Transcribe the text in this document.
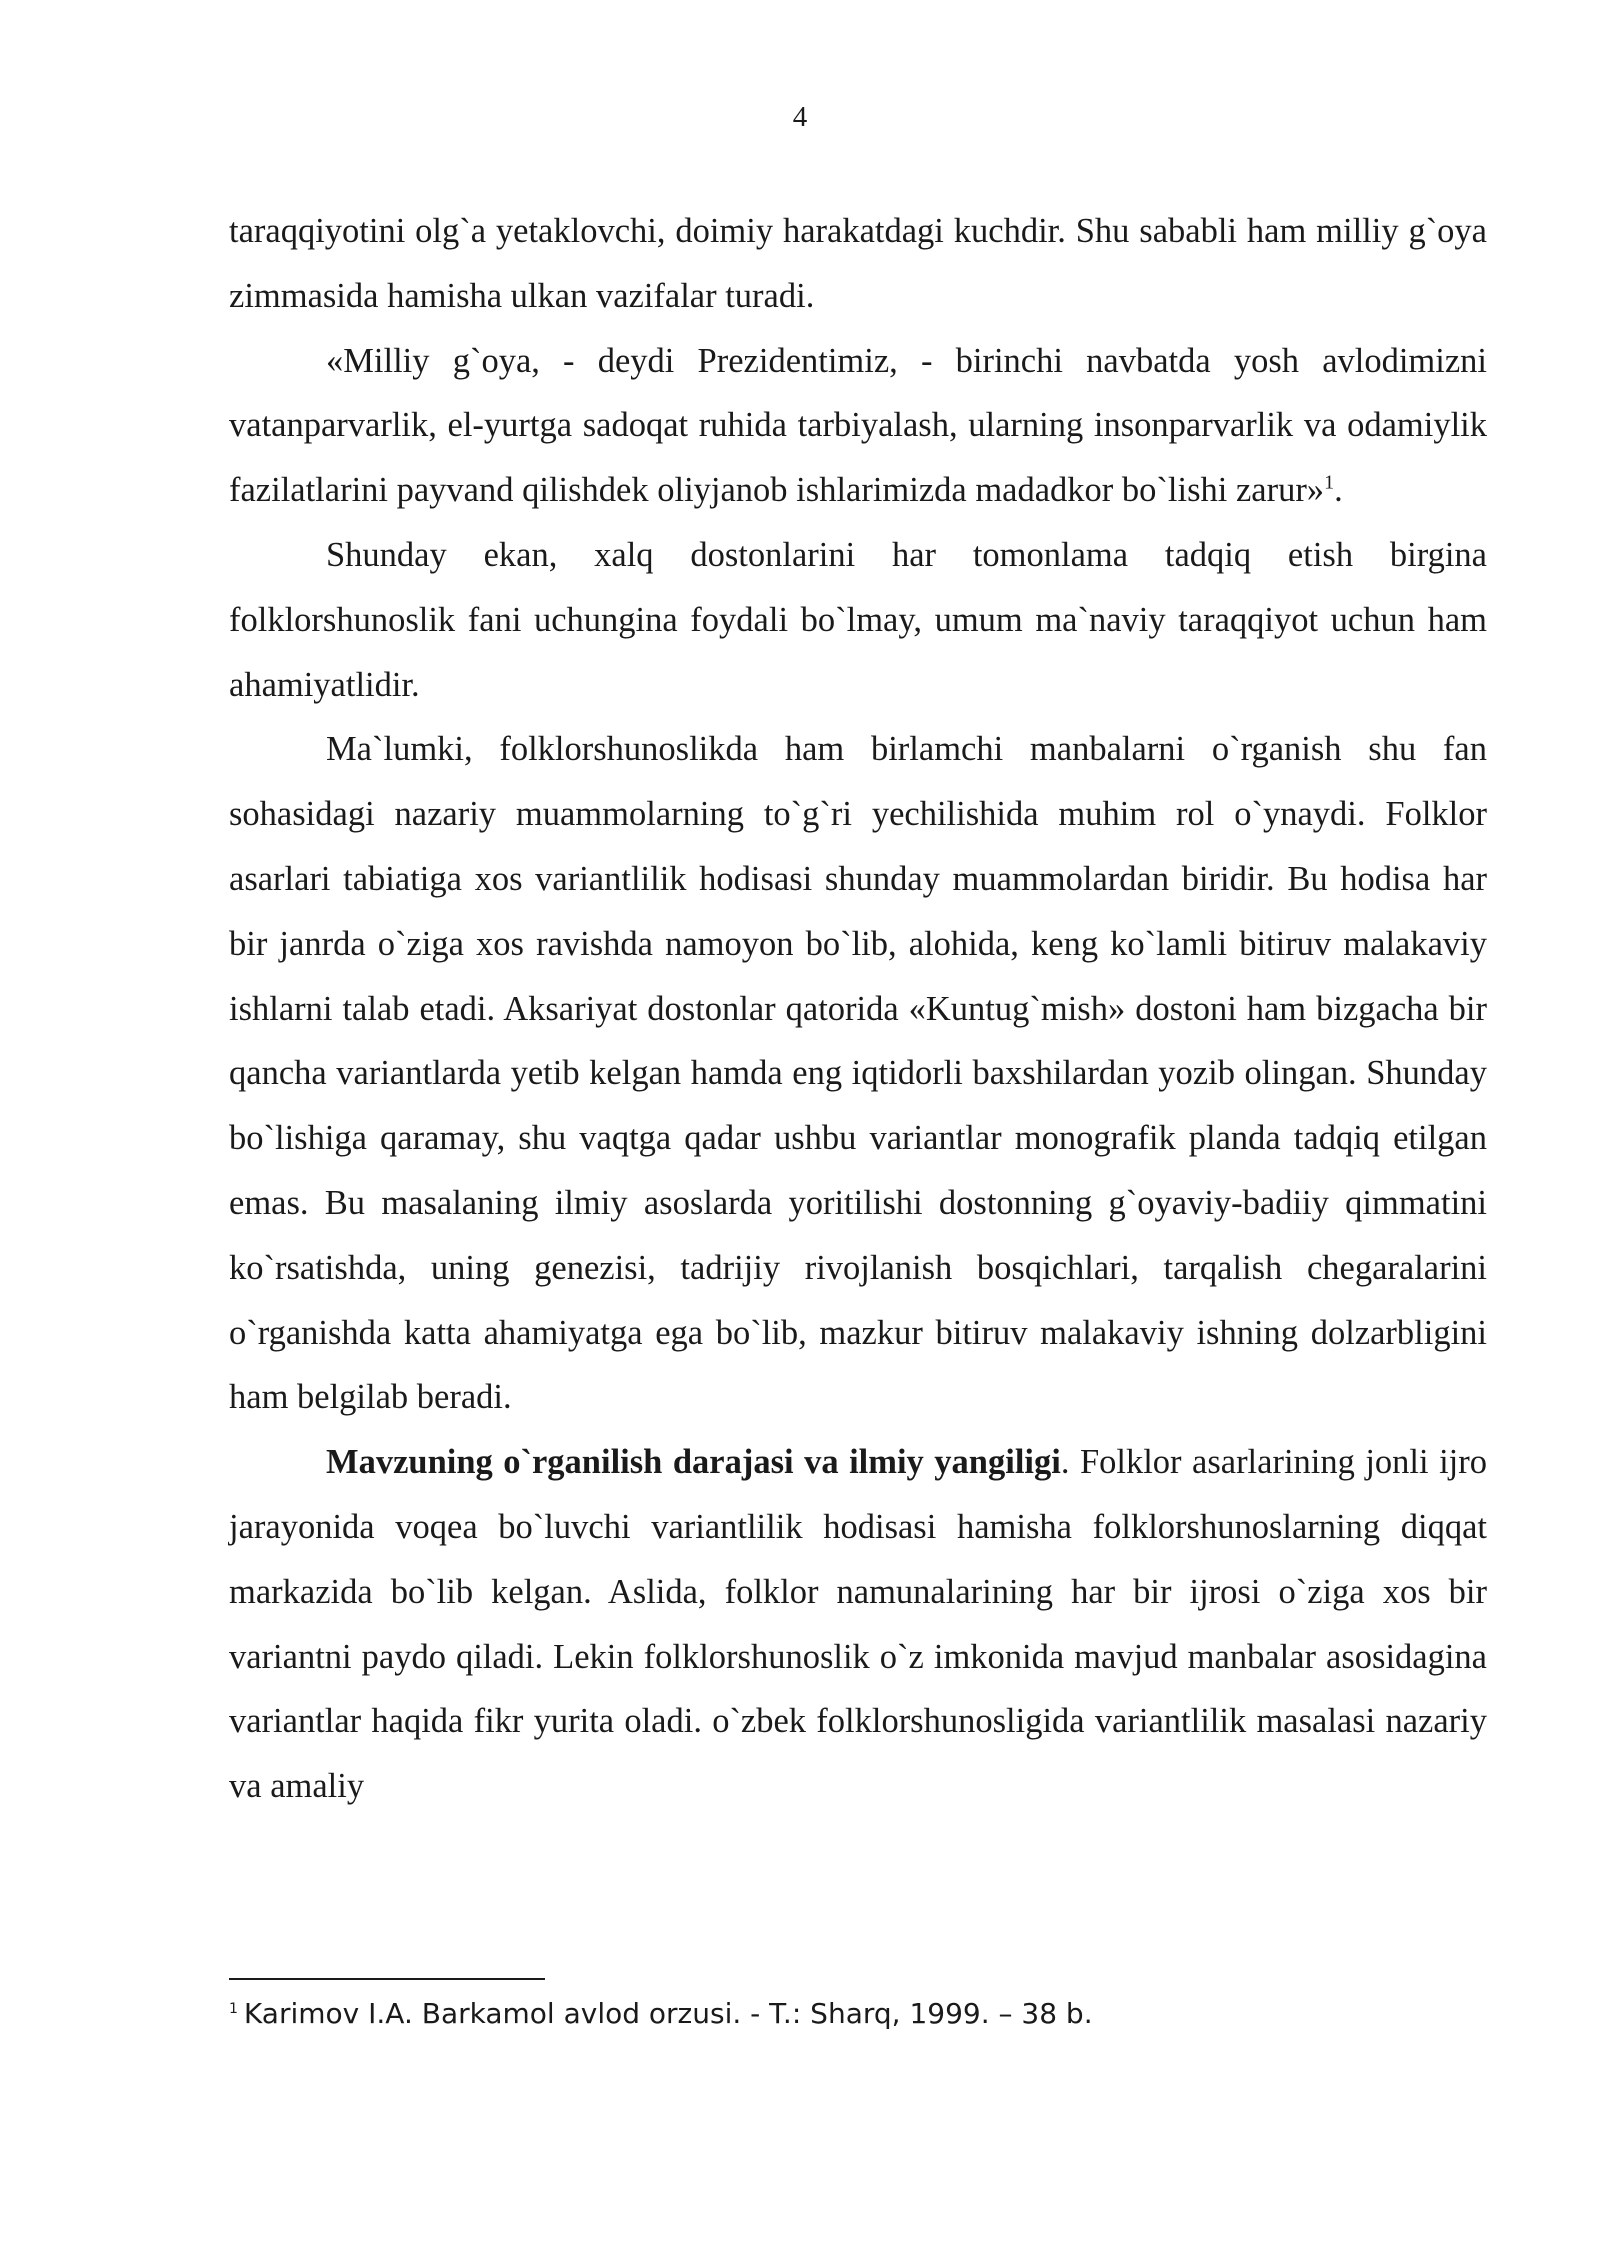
4

taraqqiyotini olg`a yetaklovchi, doimiy harakatdagi kuchdir. Shu sababli ham milliy g`oya zimmasida hamisha ulkan vazifalar turadi.

«Milliy g`oya, - deydi Prezidentimiz, - birinchi navbatda yosh avlodimizni vatanparvarlik, el-yurtga sadoqat ruhida tarbiyalash, ularning insonparvarlik va odamiylik fazilatlarini payvand qilishdek oliyjanob ishlarimizda madadkor bo`lishi zarur»$^1$.

Shunday ekan, xalq dostonlarini har tomonlama tadqiq etish birgina folklorshunoslik fani uchungina foydali bo`lmay, umum ma`naviy taraqqiyot uchun ham ahamiyatlidir.

Ma`lumki, folklorshunoslikda ham birlamchi manbalarni o`rganish shu fan sohasidagi nazariy muammolarning to`g`ri yechilishida muhim rol o`ynaydi. Folklor asarlari tabiatiga xos variantlilik hodisasi shunday muammolardan biridir. Bu hodisa har bir janrda o`ziga xos ravishda namoyon bo`lib, alohida, keng ko`lamli bitiruv malakaviy ishlarni talab etadi. Aksariyat dostonlar qatorida «Kuntug`mish» dostoni ham bizgacha bir qancha variantlarda yetib kelgan hamda eng iqtidorli baxshilardan yozib olingan. Shunday bo`lishiga qaramay, shu vaqtga qadar ushbu variantlar monografik planda tadqiq etilgan emas. Bu masalaning ilmiy asoslarda yoritilishi dostonning g`oyaviy-badiiy qimmatini ko`rsatishda, uning genezisi, tadrijiy rivojlanish bosqichlari, tarqalish chegaralarini o`rganishda katta ahamiyatga ega bo`lib, mazkur bitiruv malakaviy ishning dolzarbligini ham belgilab beradi.

Mavzuning o`rganilish darajasi va ilmiy yangiligi. Folklor asarlarining jonli ijro jarayonida voqea bo`luvchi variantlilik hodisasi hamisha folklorshunoslarning diqqat markazida bo`lib kelgan. Aslida, folklor namunalarining har bir ijrosi o`ziga xos bir variantni paydo qiladi. Lekin folklorshunoslik o`z imkonida mavjud manbalar asosidagina variantlar haqida fikr yurita oladi. o`zbek folklorshunosligida variantlilik masalasi nazariy va amaliy

$^1$ Karimov I.A. Barkamol avlod orzusi. - T.: Sharq, 1999. – 38 b.
